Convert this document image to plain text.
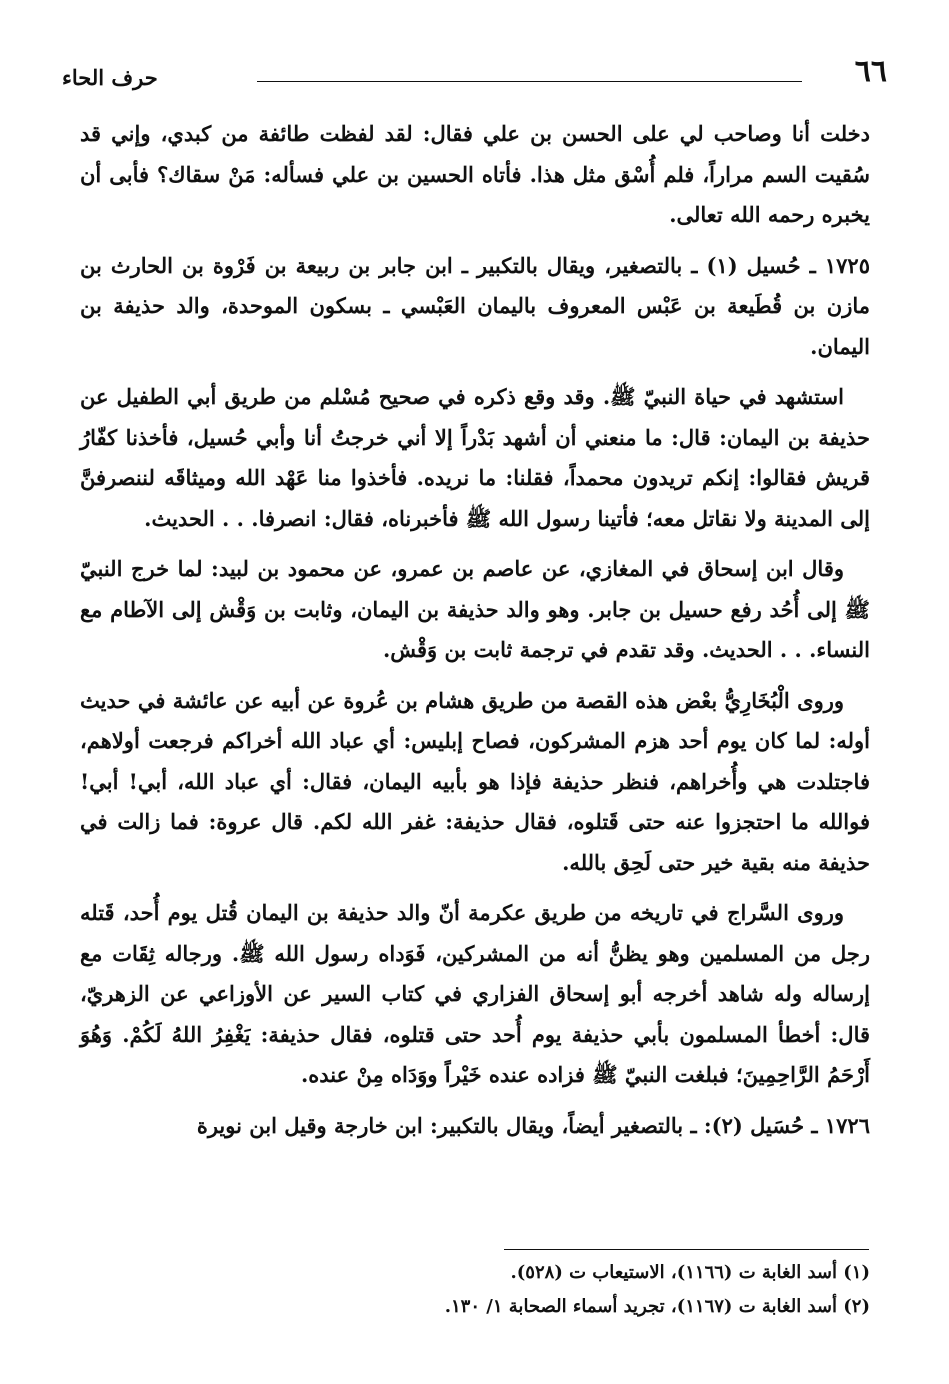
٦٦
حرف الحاء

دخلت أنا وصاحب لي على الحسن بن علي فقال: لقد لفظت طائفة من كبدي، وإني قد سُقيت السم مراراً، فلم أُسْق مثل هذا. فأتاه الحسين بن علي فسأله: مَنْ سقاك؟ فأبى أن يخبره رحمه الله تعالى.

١٧٢٥ ـ حُسيل (١) ـ بالتصغير، ويقال بالتكبير ـ ابن جابر بن ربيعة بن فَرْوة بن الحارث بن مازن بن قُطَيعة بن عَبْس المعروف باليمان العَبْسي ـ بسكون الموحدة، والد حذيفة بن اليمان.

استشهد في حياة النبيّ ﷺ. وقد وقع ذكره في صحيح مُسْلم من طريق أبي الطفيل عن حذيفة بن اليمان: قال: ما منعني أن أشهد بَدْراً إلا أني خرجتُ أنا وأبي حُسيل، فأخذنا كفّارُ قريش فقالوا: إنكم تريدون محمداً، فقلنا: ما نريده. فأخذوا منا عَهْد الله وميثاقَه لننصرفنَّ إلى المدينة ولا نقاتل معه؛ فأتينا رسول الله ﷺ فأخبرناه، فقال: انصرفا. . . الحديث.

وقال ابن إسحاق في المغازي، عن عاصم بن عمرو، عن محمود بن لبيد: لما خرج النبيّ ﷺ إلى أُحُد رفع حسيل بن جابر. وهو والد حذيفة بن اليمان، وثابت بن وَقْش إلى الآطام مع النساء. . . الحديث. وقد تقدم في ترجمة ثابت بن وَقْش.

وروى الْبُخَارِيُّ بعْض هذه القصة من طريق هشام بن عُروة عن أبيه عن عائشة في حديث أوله: لما كان يوم أحد هزم المشركون، فصاح إبليس: أي عباد الله أخراكم فرجعت أولاهم، فاجتلدت هي وأُخراهم، فنظر حذيفة فإذا هو بأبيه اليمان، فقال: أي عباد الله، أبي! أبي! فوالله ما احتجزوا عنه حتى قَتلوه، فقال حذيفة: غفر الله لكم. قال عروة: فما زالت في حذيفة منه بقية خير حتى لَحِق بالله.

وروى السَّراج في تاريخه من طريق عكرمة أنّ والد حذيفة بن اليمان قُتل يوم أُحد، قَتله رجل من المسلمين وهو يظنُّ أنه من المشركين، فَوَداه رسول الله ﷺ. ورجاله ثِقَات مع إرساله وله شاهد أخرجه أبو إسحاق الفزاري في كتاب السير عن الأوزاعي عن الزهريّ، قال: أخطأ المسلمون بأبي حذيفة يوم أُحد حتى قتلوه، فقال حذيفة: يَغْفِرُ اللهُ لَكُمْ. وَهُوَ أَرْحَمُ الرَّاحِمِينَ؛ فبلغت النبيّ ﷺ فزاده عنده خَيْراً ووَدَاه مِنْ عنده.

١٧٢٦ ـ حُسَيل (٢): ـ بالتصغير أيضاً، ويقال بالتكبير: ابن خارجة وقيل ابن نويرة

(١) أسد الغابة ت (١١٦٦)، الاستيعاب ت (٥٢٨).

(٢) أسد الغابة ت (١١٦٧)، تجريد أسماء الصحابة ١/ ١٣٠.
